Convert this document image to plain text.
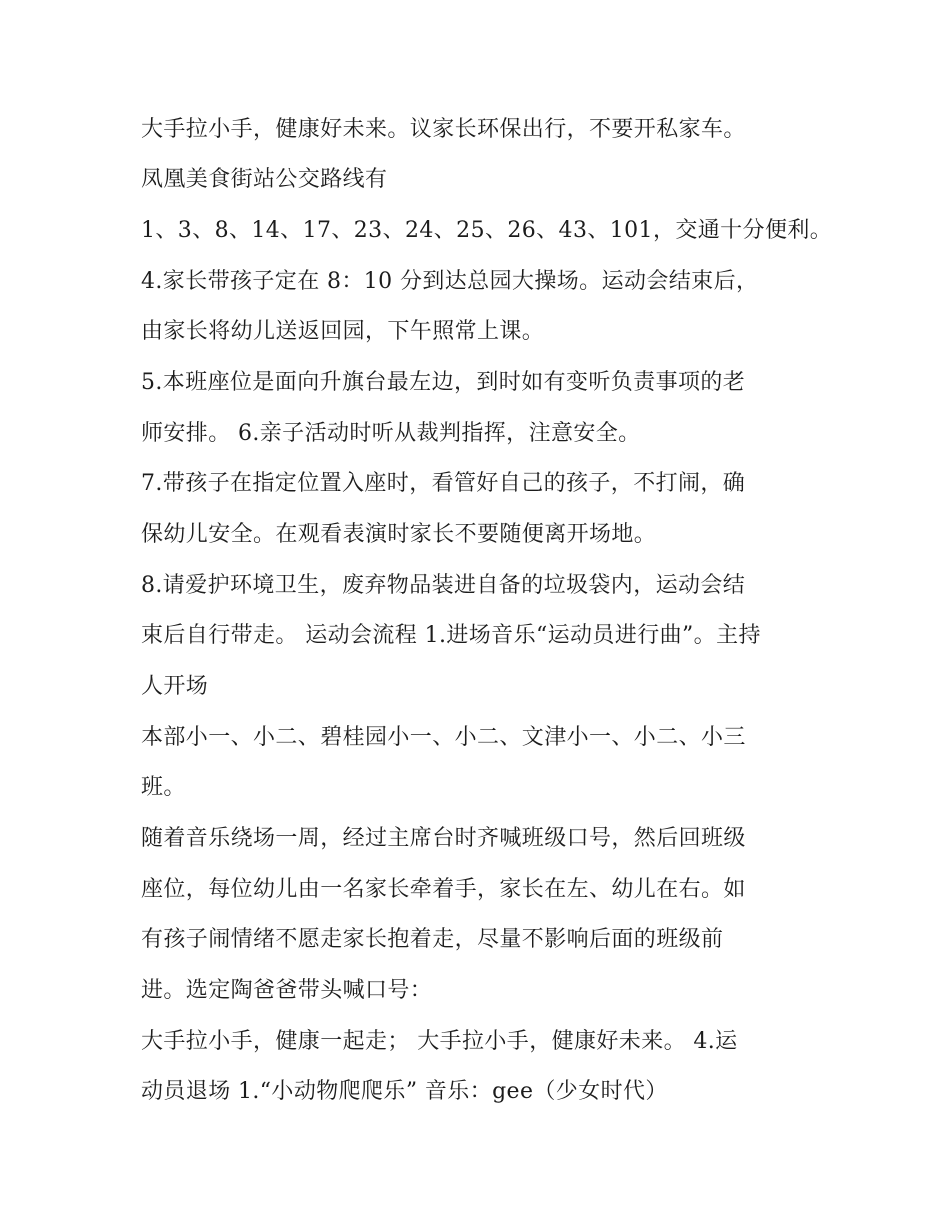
大手拉小手，健康好未来。议家长环保出行，不要开私家车。
凤凰美食街站公交路线有
1、3、8、14、17、23、24、25、26、43、101，交通十分便利。
4.家长带孩子定在 8：10 分到达总园大操场。运动会结束后，
由家长将幼儿送返回园，下午照常上课。
5.本班座位是面向升旗台最左边，到时如有变听负责事项的老
师安排。 6.亲子活动时听从裁判指挥，注意安全。
7.带孩子在指定位置入座时，看管好自己的孩子，不打闹，确
保幼儿安全。在观看表演时家长不要随便离开场地。
8.请爱护环境卫生，废弃物品装进自备的垃圾袋内，运动会结
束后自行带走。 运动会流程 1.进场音乐“运动员进行曲”。主持
人开场
本部小一、小二、碧桂园小一、小二、文津小一、小二、小三
班。
随着音乐绕场一周，经过主席台时齐喊班级口号，然后回班级
座位，每位幼儿由一名家长牵着手，家长在左、幼儿在右。如
有孩子闹情绪不愿走家长抱着走，尽量不影响后面的班级前
进。选定陶爸爸带头喊口号：
大手拉小手，健康一起走； 大手拉小手，健康好未来。 4.运
动员退场 1.“小动物爬爬乐” 音乐：gee（少女时代）
